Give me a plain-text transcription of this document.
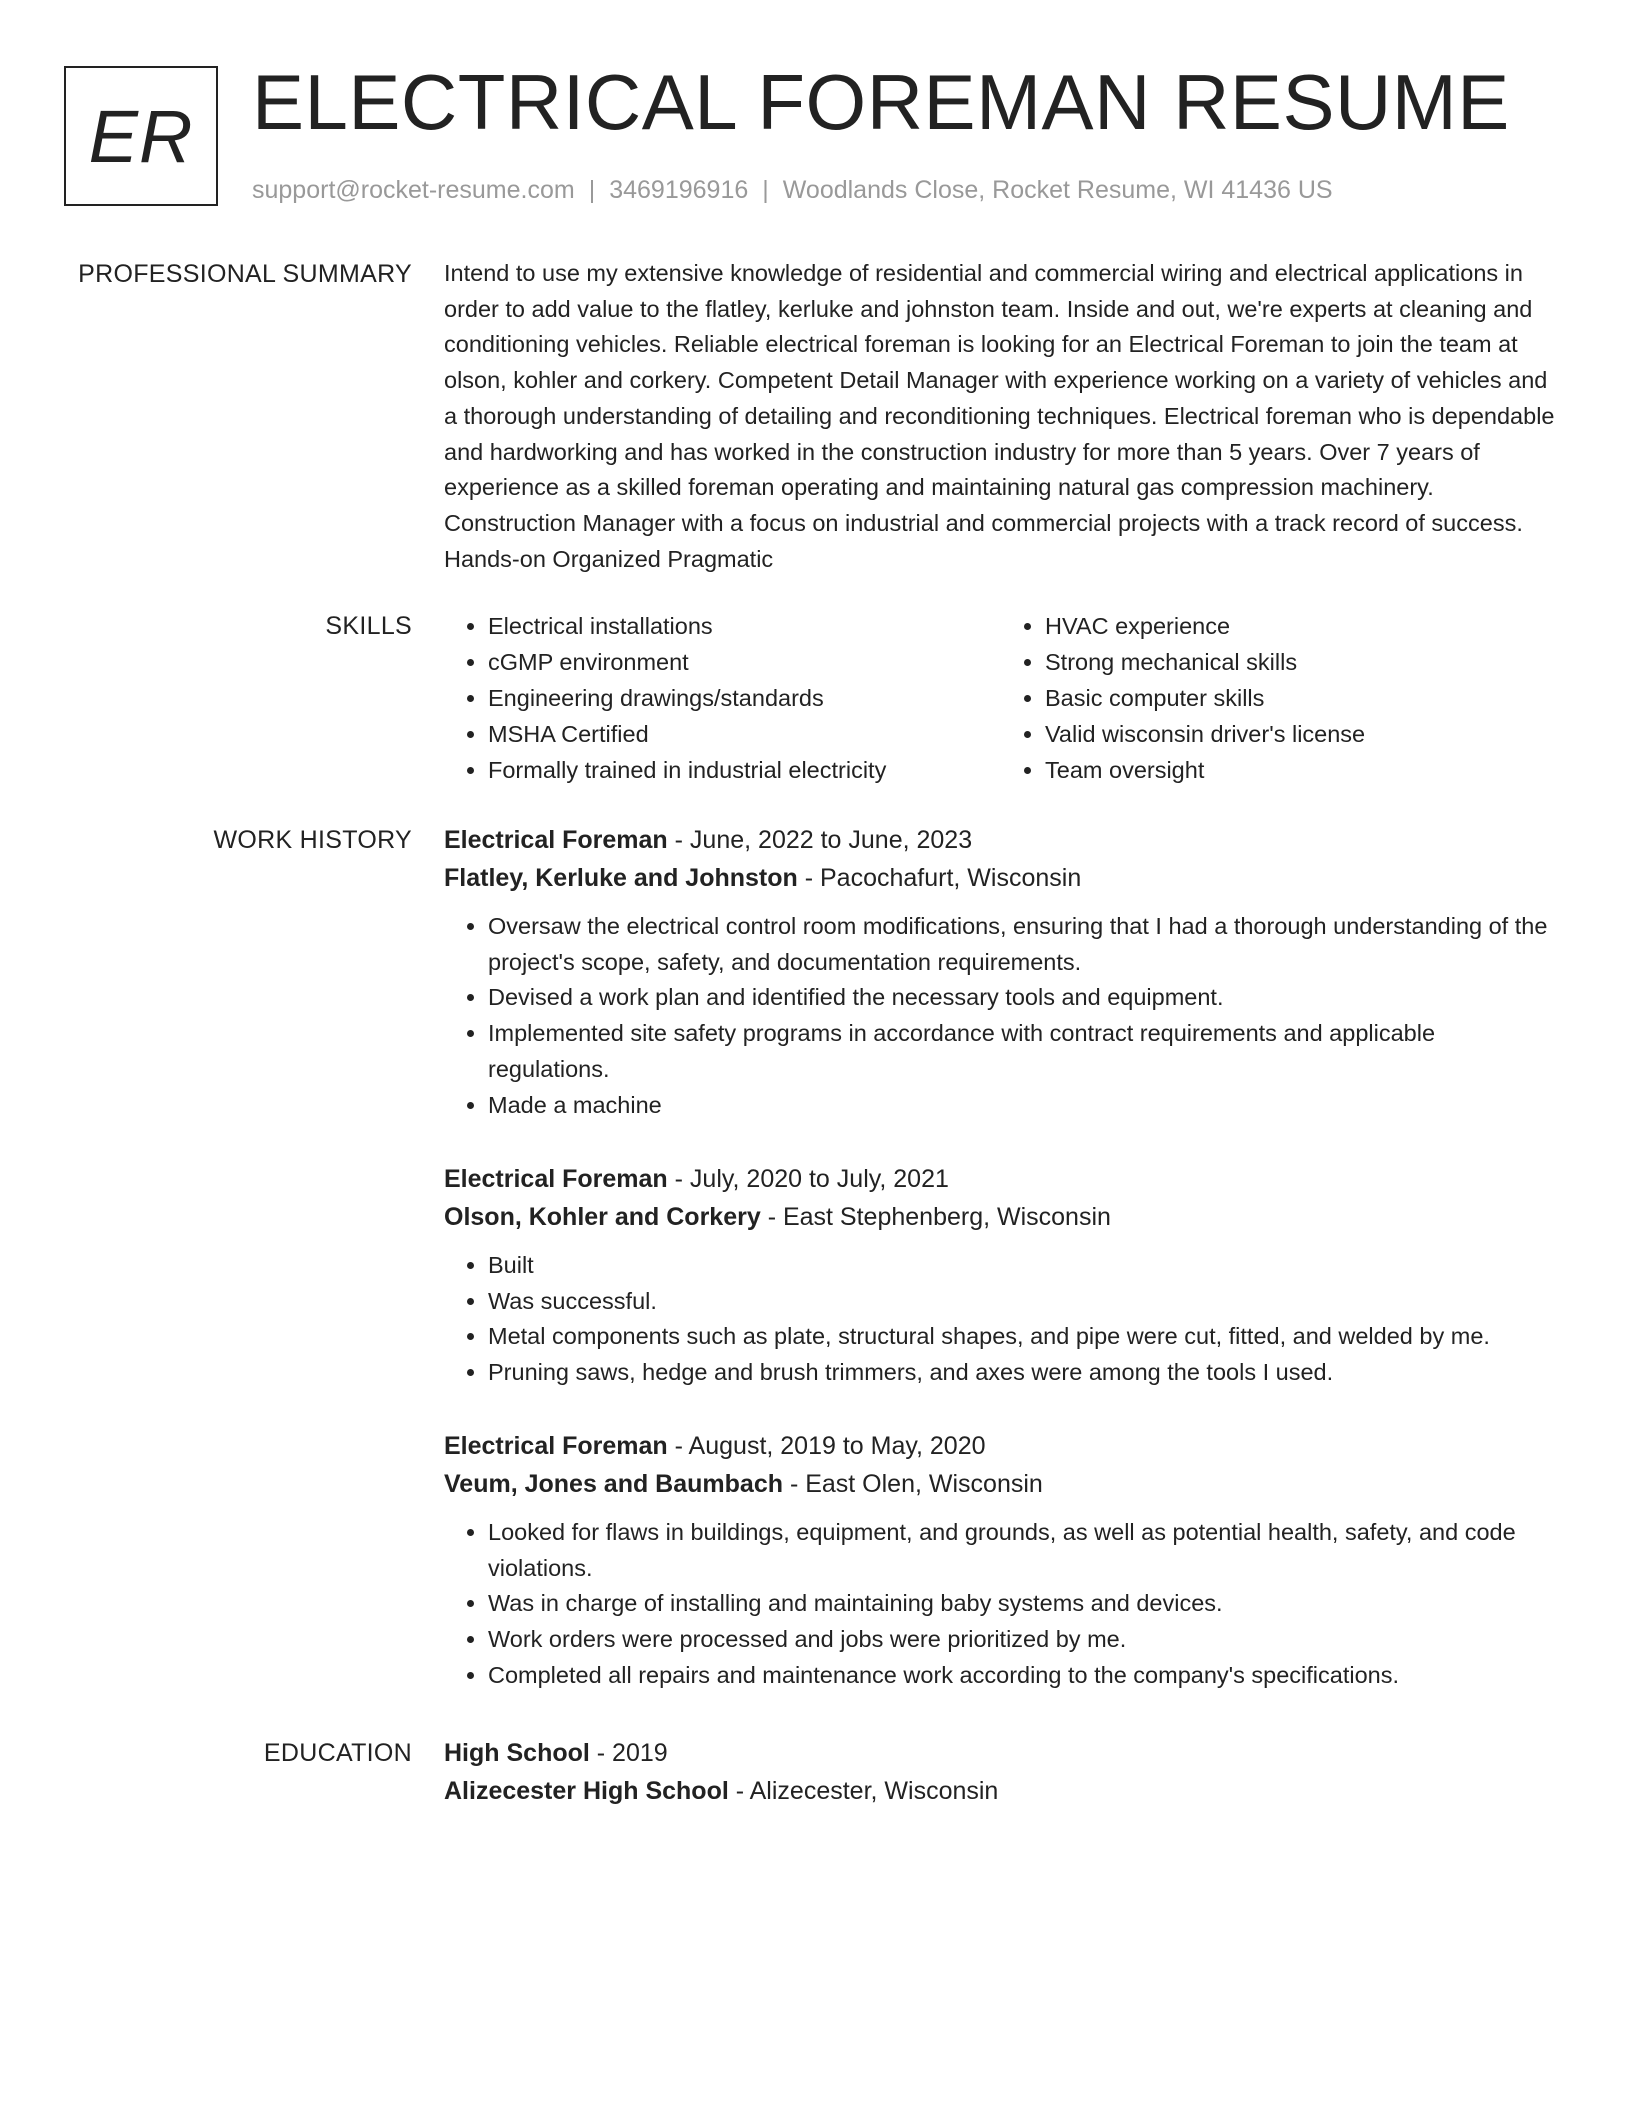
ER ELECTRICAL FOREMAN RESUME
support@rocket-resume.com | 3469196916 | Woodlands Close, Rocket Resume, WI 41436 US
PROFESSIONAL SUMMARY Intend to use my extensive knowledge of residential and commercial wiring and electrical applications in order to add value to the flatley, kerluke and johnston team. Inside and out, we're experts at cleaning and conditioning vehicles. Reliable electrical foreman is looking for an Electrical Foreman to join the team at olson, kohler and corkery. Competent Detail Manager with experience working on a variety of vehicles and a thorough understanding of detailing and reconditioning techniques. Electrical foreman who is dependable and hardworking and has worked in the construction industry for more than 5 years. Over 7 years of experience as a skilled foreman operating and maintaining natural gas compression machinery. Construction Manager with a focus on industrial and commercial projects with a track record of success. Hands-on Organized Pragmatic

SKILLS
•	Electrical installations
• cGMP environment
• Engineering drawings/standards
• MSHA Certified
• Formally trained in industrial electricity
• HVAC experience
• Strong mechanical skills
• Basic computer skills
• Valid wisconsin driver's license
• Team oversight
WORK HISTORY Electrical Foreman - June, 2022 to June, 2023
Flatley, Kerluke and Johnston - Pacochafurt, Wisconsin
• Oversaw the electrical control room modifications, ensuring that I had a thorough understanding of the project's scope, safety, and documentation requirements.
• Devised a work plan and identified the necessary tools and equipment.
• Implemented site safety programs in accordance with contract requirements and applicable regulations.
• Made a machine
Electrical Foreman - July, 2020 to July, 2021
Olson, Kohler and Corkery - East Stephenberg, Wisconsin
• Built
• Was successful.
• Metal components such as plate, structural shapes, and pipe were cut, fitted, and welded by me.
• Pruning saws, hedge and brush trimmers, and axes were among the tools I used.
Electrical Foreman - August, 2019 to May, 2020
Veum, Jones and Baumbach - East Olen, Wisconsin
• Looked for flaws in buildings, equipment, and grounds, as well as potential health, safety, and code violations.
• Was in charge of installing and maintaining baby systems and devices.
• Work orders were processed and jobs were prioritized by me.
• Completed all repairs and maintenance work according to the company's specifications.
EDUCATION High School - 2019
Alizecester High School - Alizecester, Wisconsin
